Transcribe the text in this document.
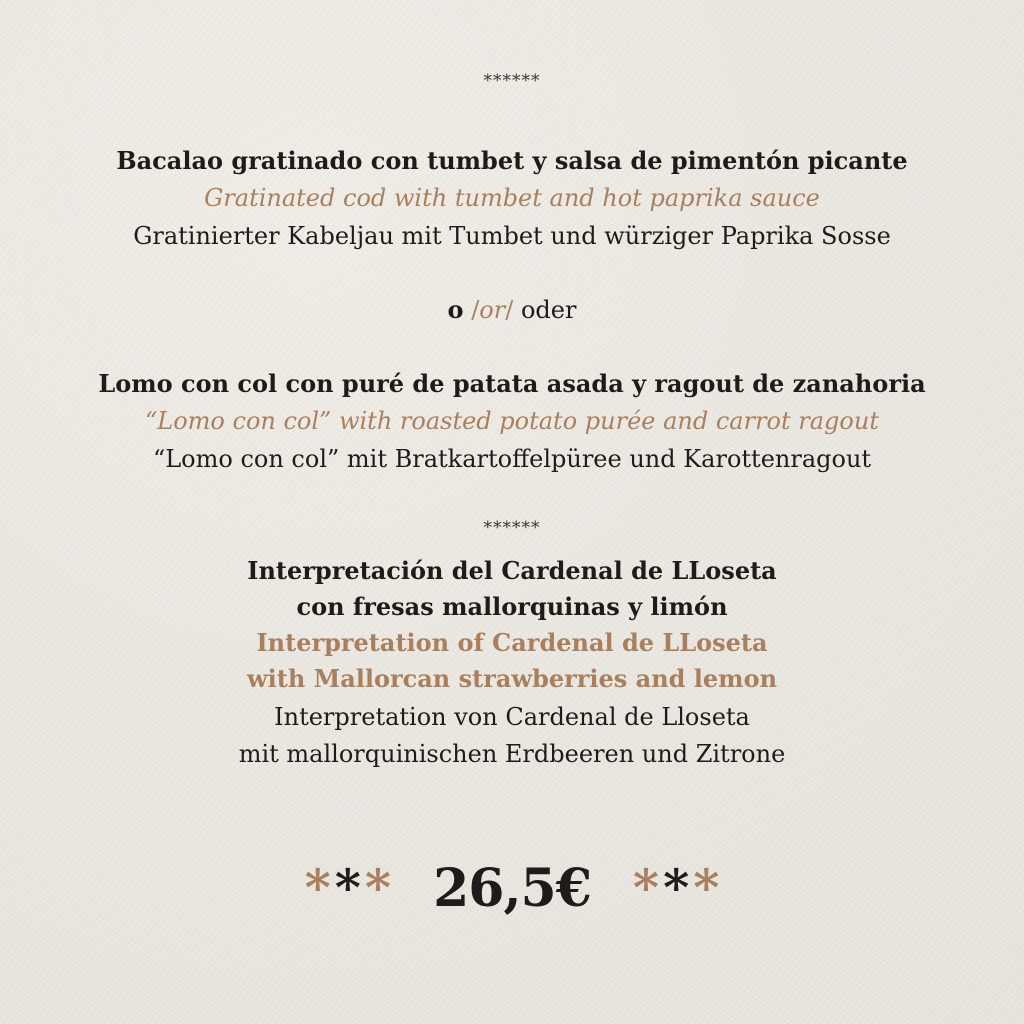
******
Bacalao gratinado con tumbet y salsa de pimentón picante
Gratinated cod with tumbet and hot paprika sauce
Gratinierter Kabeljau mit Tumbet und würziger Paprika Sosse
o /or/ oder
Lomo con col con puré de patata asada y ragout de zanahoria
“Lomo con col” with roasted potato purée and carrot ragout
“Lomo con col” mit Bratkartoffelpüree und Karottenragout
******
Interpretación del Cardenal de LLoseta
con fresas mallorquinas y limón
Interpretation of Cardenal de LLoseta
with Mallorcan strawberries and lemon
Interpretation von Cardenal de Lloseta
mit mallorquinischen Erdbeeren und Zitrone
* * * 26,5€ * * *
